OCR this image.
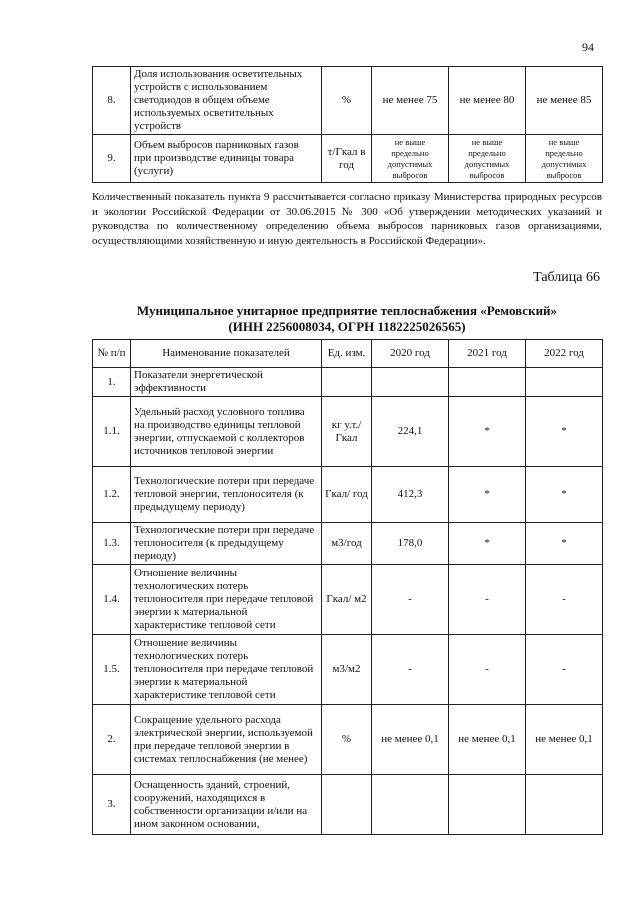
94
8.	Доля использования осветительных устройств с использованием светодиодов в общем объеме используемых осветительных устройств	%	не менее 75	не менее 80	не менее 85
9.	Объем выбросов парниковых газов при производстве единицы товара (услуги)	т/Гкал в год	не выше предельно допустимых выбросов	не выше предельно допустимых выбросов	не выше предельно допустимых выбросов
Количественный показатель пункта 9 рассчитывается согласно приказу Министерства природных ресурсов и экологии Российской Федерации от 30.06.2015 № 300 «Об утверждении методических указаний и руководства по количественному определению объема выбросов парниковых газов организациями, осуществляющими хозяйственную и иную деятельность в Российской Федерации».
Таблица 66
Муниципальное унитарное предприятие теплоснабжения «Ремовский»
(ИНН 2256008034, ОГРН 1182225026565)
№ п/п	Наименование показателей	Ед. изм.	2020 год	2021 год	2022 год
1.	Показатели энергетической эффективности				
1.1.	Удельный расход условного топлива на производство единицы тепловой энергии, отпускаемой с коллекторов источников тепловой энергии	кг у.т./ Гкал	224,1	*	*
1.2.	Технологические потери при передаче тепловой энергии, теплоносителя (к предыдущему периоду)	Гкал/ год	412,3	*	*
1.3.	Технологические потери при передаче теплоносителя (к предыдущему периоду)	м3/год	178,0	*	*
1.4.	Отношение величины технологических потерь теплоносителя при передаче тепловой энергии к материальной характеристике тепловой сети	Гкал/ м2	-	-	-
1.5.	Отношение величины технологических потерь теплоносителя при передаче тепловой энергии к материальной характеристике тепловой сети	м3/м2	-	-	-
2.	Сокращение удельного расхода электрической энергии, используемой при передаче тепловой энергии в системах теплоснабжения (не менее)	%	не менее 0,1	не менее 0,1	не менее 0,1
3.	Оснащенность зданий, строений, сооружений, находящихся в собственности организации и/или на ином законном основании,				
